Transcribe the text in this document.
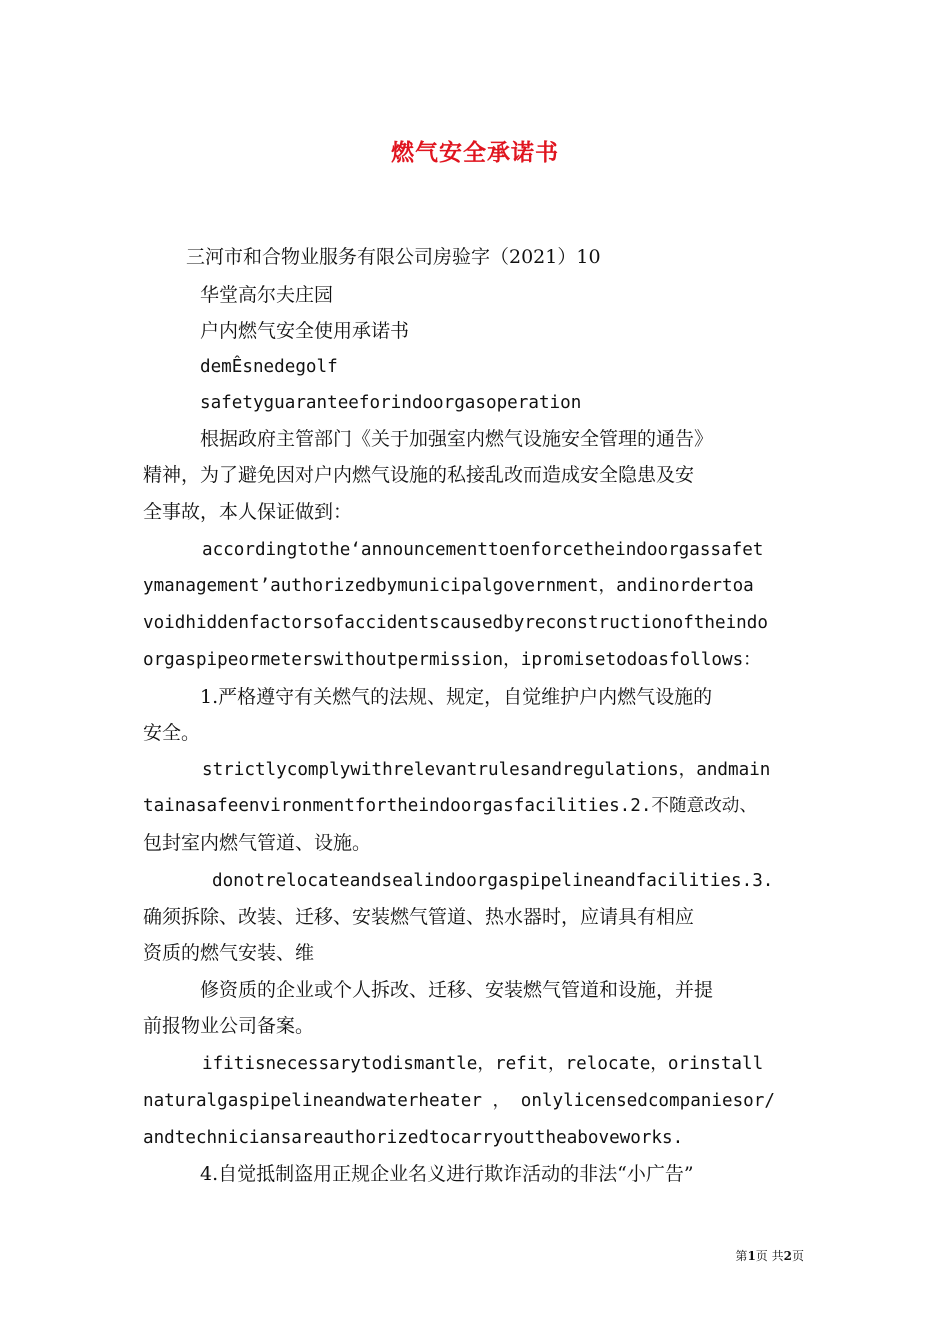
燃气安全承诺书
三河市和合物业服务有限公司房验字（2021）10
华堂高尔夫庄园
户内燃气安全使用承诺书
demÊsnedegolf
safetyguaranteeforindoorgasoperation
根据政府主管部门《关于加强室内燃气设施安全管理的通告》
精神，为了避免因对户内燃气设施的私接乱改而造成安全隐患及安
全事故，本人保证做到：
accordingtothe‘announcementtoenforcetheindoorgassafet
ymanagement’authorizedbymunicipalgovernment，andinordertoa
voidhiddenfactorsofaccidentscausedbyreconstructionoftheindo
orgaspipeormeterswithoutpermission，ipromisetodoasfollows：
1.严格遵守有关燃气的法规、规定，自觉维护户内燃气设施的
安全。
strictlycomplywithrelevantrulesandregulations，andmain
tainasafeenvironmentfortheindoorgasfacilities.2.不随意改动、
包封室内燃气管道、设施。
donotrelocateandsealindoorgaspipelineandfacilities.3.
确须拆除、改装、迁移、安装燃气管道、热水器时，应请具有相应
资质的燃气安装、维
修资质的企业或个人拆改、迁移、安装燃气管道和设施，并提
前报物业公司备案。
ifitisnecessarytodismantle，refit，relocate，orinstall
naturalgaspipelineandwaterheater ， onlylicensedcompaniesor/
andtechniciansareauthorizedtocarryouttheaboveworks.
4.自觉抵制盗用正规企业名义进行欺诈活动的非法“小广告”
第1页 共2页
